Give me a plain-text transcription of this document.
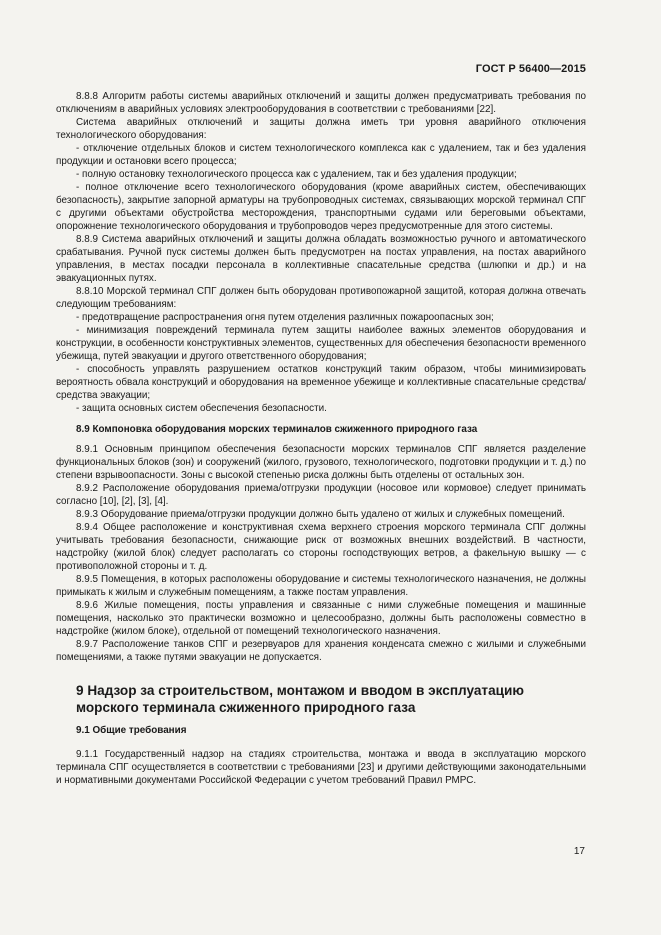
ГОСТ Р 56400—2015

8.8.8 Алгоритм работы системы аварийных отключений и защиты должен предусматривать требования по отключениям в аварийных условиях электрооборудования в соответствии с требованиями [22].

Система аварийных отключений и защиты должна иметь три уровня аварийного отключения технологического оборудования:

- отключение отдельных блоков и систем технологического комплекса как с удалением, так и без удаления продукции и остановки всего процесса;

- полную остановку технологического процесса как с удалением, так и без удаления продукции;

- полное отключение всего технологического оборудования (кроме аварийных систем, обеспечивающих безопасность), закрытие запорной арматуры на трубопроводных системах, связывающих морской терминал СПГ с другими объектами обустройства месторождения, транспортными судами или береговыми объектами, опорожнение технологического оборудования и трубопроводов через предусмотренные для этого системы.

8.8.9 Система аварийных отключений и защиты должна обладать возможностью ручного и автоматического срабатывания. Ручной пуск системы должен быть предусмотрен на постах управления, на постах аварийного управления, в местах посадки персонала в коллективные спасательные средства (шлюпки и др.) и на эвакуационных путях.

8.8.10 Морской терминал СПГ должен быть оборудован противопожарной защитой, которая должна отвечать следующим требованиям:

- предотвращение распространения огня путем отделения различных пожароопасных зон;

- минимизация повреждений терминала путем защиты наиболее важных элементов оборудования и конструкции, в особенности конструктивных элементов, существенных для обеспечения безопасности временного убежища, путей эвакуации и другого ответственного оборудования;

- способность управлять разрушением остатков конструкций таким образом, чтобы минимизировать вероятность обвала конструкций и оборудования на временное убежище и коллективные спасательные средства/средства эвакуации;

- защита основных систем обеспечения безопасности.

8.9 Компоновка оборудования морских терминалов сжиженного природного газа

8.9.1 Основным принципом обеспечения безопасности морских терминалов СПГ является разделение функциональных блоков (зон) и сооружений (жилого, грузового, технологического, подготовки продукции и т. д.) по степени взрывоопасности. Зоны с высокой степенью риска должны быть отделены от остальных зон.

8.9.2 Расположение оборудования приема/отгрузки продукции (носовое или кормовое) следует принимать согласно [10], [2], [3], [4].

8.9.3 Оборудование приема/отгрузки продукции должно быть удалено от жилых и служебных помещений.

8.9.4 Общее расположение и конструктивная схема верхнего строения морского терминала СПГ должны учитывать требования безопасности, снижающие риск от возможных внешних воздействий. В частности, надстройку (жилой блок) следует располагать со стороны господствующих ветров, а факельную вышку — с противоположной стороны и т. д.

8.9.5 Помещения, в которых расположены оборудование и системы технологического назначения, не должны примыкать к жилым и служебным помещениям, а также постам управления.

8.9.6 Жилые помещения, посты управления и связанные с ними служебные помещения и машинные помещения, насколько это практически возможно и целесообразно, должны быть расположены совместно в надстройке (жилом блоке), отдельной от помещений технологического назначения.

8.9.7 Расположение танков СПГ и резервуаров для хранения конденсата смежно с жилыми и служебными помещениями, а также путями эвакуации не допускается.

9 Надзор за строительством, монтажом и вводом в эксплуатацию морского терминала сжиженного природного газа

9.1 Общие требования

9.1.1 Государственный надзор на стадиях строительства, монтажа и ввода в эксплуатацию морского терминала СПГ осуществляется в соответствии с требованиями [23] и другими действующими законодательными и нормативными документами Российской Федерации с учетом требований Правил РМРС.

17
